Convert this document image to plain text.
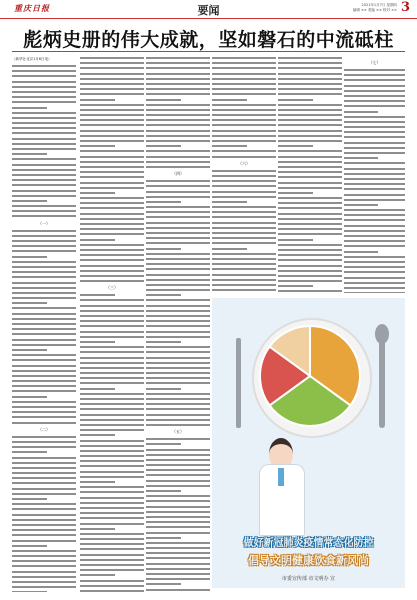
重庆日报	要闻	2021年1月7日 星期四
编辑 ×× 美编 ×× 校对 ×× 3
彪炳史册的伟大成就，坚如磐石的中流砥柱
（新华社北京1月6日电）
（一）
（二）
（三）
（四）
（五）
（六）
（七）
做好新冠肺炎疫情常态化防控
倡导文明健康饮食新风尚
市委宣传部 市文明办 宣
